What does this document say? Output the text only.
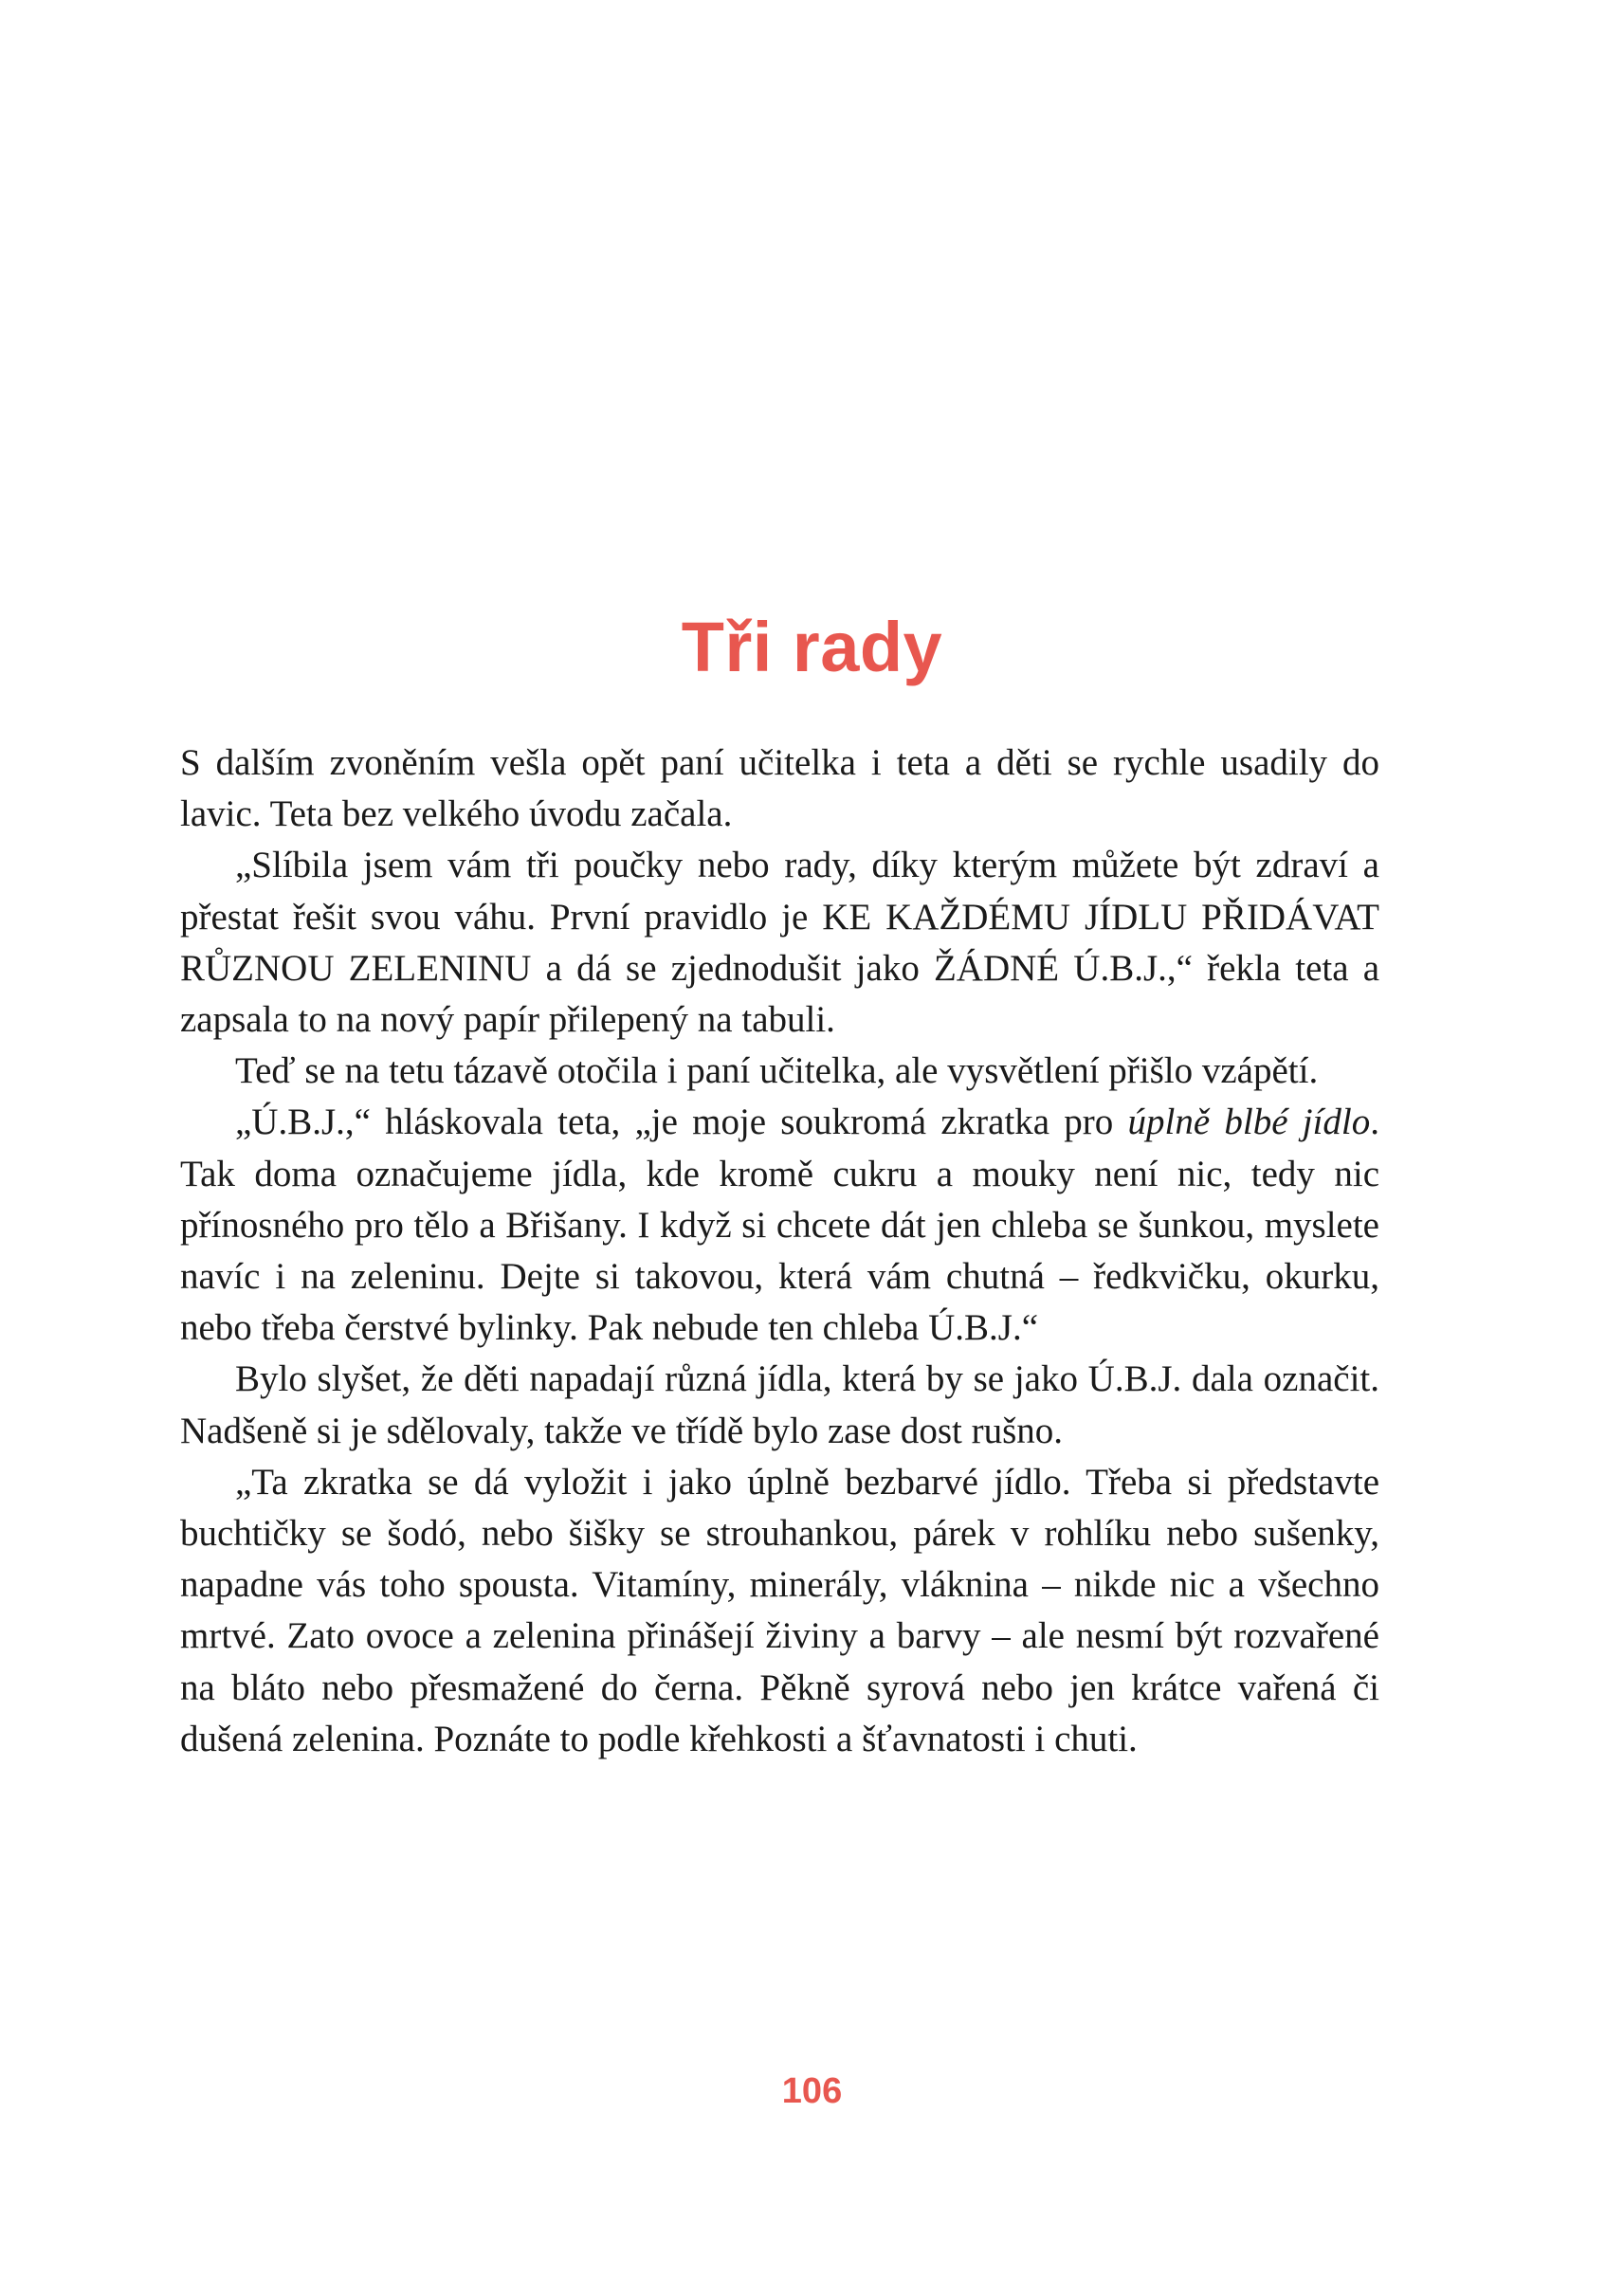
Tři rady

S dalším zvoněním vešla opět paní učitelka i teta a děti se rychle usadily do lavic. Teta bez velkého úvodu začala.

„Slíbila jsem vám tři poučky nebo rady, díky kterým můžete být zdraví a přestat řešit svou váhu. První pravidlo je KE KAŽDÉMU JÍDLU PŘIDÁVAT RŮZNOU ZELENINU a dá se zjednodušit jako ŽÁDNÉ Ú.B.J.,“ řekla teta a zapsala to na nový papír přilepený na tabuli.

Teď se na tetu tázavě otočila i paní učitelka, ale vysvětlení přišlo vzápětí.

„Ú.B.J.,“ hláskovala teta, „je moje soukromá zkratka pro úplně blbé jídlo. Tak doma označujeme jídla, kde kromě cukru a mouky není nic, tedy nic přínosného pro tělo a Břišany. I když si chcete dát jen chleba se šunkou, myslete navíc i na zeleninu. Dejte si takovou, která vám chutná – ředkvičku, okurku, nebo třeba čerstvé bylinky. Pak nebude ten chleba Ú.B.J.“

Bylo slyšet, že děti napadají různá jídla, která by se jako Ú.B.J. dala označit. Nadšeně si je sdělovaly, takže ve třídě bylo zase dost rušno.

„Ta zkratka se dá vyložit i jako úplně bezbarvé jídlo. Třeba si představte buchtičky se šodó, nebo šišky se strouhankou, párek v rohlíku nebo sušenky, napadne vás toho spousta. Vitamíny, minerály, vláknina – nikde nic a všechno mrtvé. Zato ovoce a zelenina přinášejí živiny a barvy – ale nesmí být rozvařené na bláto nebo přesmažené do černa. Pěkně syrová nebo jen krátce vařená či dušená zelenina. Poznáte to podle křehkosti a šťavnatosti i chuti.

106
